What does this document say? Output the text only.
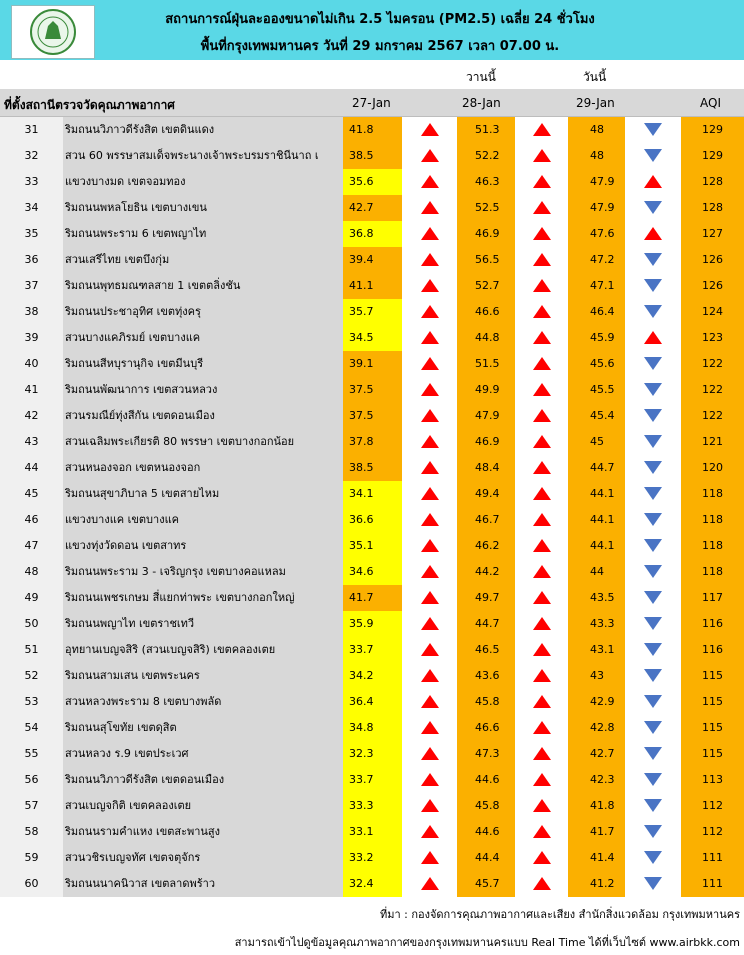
สถานการณ์ฝุ่นละอองขนาดไม่เกิน 2.5 ไมครอน (PM2.5) เฉลี่ย 24 ชั่วโมง
พื้นที่กรุงเทพมหานคร วันที่ 29 มกราคม 2567 เวลา 07.00 น.
วานนี้	วันนี้
ที่ตั้งสถานีตรวจวัดคุณภาพอากาศ	27-Jan	28-Jan	29-Jan	AQI
31	ริมถนนวิภาวดีรังสิต เขตดินแดง	41.8	51.3	48	129
32	สวน 60 พรรษาสมเด็จพระนางเจ้าพระบรมราชินีนาถ เ	38.5	52.2	48	129
33	แขวงบางมด เขตจอมทอง	35.6	46.3	47.9	128
34	ริมถนนพหลโยธิน เขตบางเขน	42.7	52.5	47.9	128
35	ริมถนนพระราม 6 เขตพญาไท	36.8	46.9	47.6	127
36	สวนเสรีไทย เขตบึงกุ่ม	39.4	56.5	47.2	126
37	ริมถนนพุทธมณฑลสาย 1 เขตตลิ่งชัน	41.1	52.7	47.1	126
38	ริมถนนประชาอุทิศ เขตทุ่งครุ	35.7	46.6	46.4	124
39	สวนบางแคภิรมย์ เขตบางแค	34.5	44.8	45.9	123
40	ริมถนนสีหบุรานุกิจ เขตมีนบุรี	39.1	51.5	45.6	122
41	ริมถนนพัฒนาการ เขตสวนหลวง	37.5	49.9	45.5	122
42	สวนรมณีย์ทุ่งสีกัน เขตดอนเมือง	37.5	47.9	45.4	122
43	สวนเฉลิมพระเกียรติ 80 พรรษา เขตบางกอกน้อย	37.8	46.9	45	121
44	สวนหนองจอก เขตหนองจอก	38.5	48.4	44.7	120
45	ริมถนนสุขาภิบาล 5 เขตสายไหม	34.1	49.4	44.1	118
46	แขวงบางแค เขตบางแค	36.6	46.7	44.1	118
47	แขวงทุ่งวัดดอน เขตสาทร	35.1	46.2	44.1	118
48	ริมถนนพระราม 3 - เจริญกรุง เขตบางคอแหลม	34.6	44.2	44	118
49	ริมถนนเพชรเกษม สี่แยกท่าพระ เขตบางกอกใหญ่	41.7	49.7	43.5	117
50	ริมถนนพญาไท เขตราชเทวี	35.9	44.7	43.3	116
51	อุทยานเบญจสิริ (สวนเบญจสิริ) เขตคลองเตย	33.7	46.5	43.1	116
52	ริมถนนสามเสน เขตพระนคร	34.2	43.6	43	115
53	สวนหลวงพระราม 8 เขตบางพลัด	36.4	45.8	42.9	115
54	ริมถนนสุโขทัย เขตดุสิต	34.8	46.6	42.8	115
55	สวนหลวง ร.9 เขตประเวศ	32.3	47.3	42.7	115
56	ริมถนนวิภาวดีรังสิต เขตดอนเมือง	33.7	44.6	42.3	113
57	สวนเบญจกิติ เขตคลองเตย	33.3	45.8	41.8	112
58	ริมถนนรามคำแหง เขตสะพานสูง	33.1	44.6	41.7	112
59	สวนวชิรเบญจทัศ เขตจตุจักร	33.2	44.4	41.4	111
60	ริมถนนนาคนิวาส เขตลาดพร้าว	32.4	45.7	41.2	111
ที่มา : กองจัดการคุณภาพอากาศและเสียง สำนักสิ่งแวดล้อม กรุงเทพมหานคร
สามารถเข้าไปดูข้อมูลคุณภาพอากาศของกรุงเทพมหานครแบบ Real Time ได้ที่เว็บไซต์ www.airbkk.com
